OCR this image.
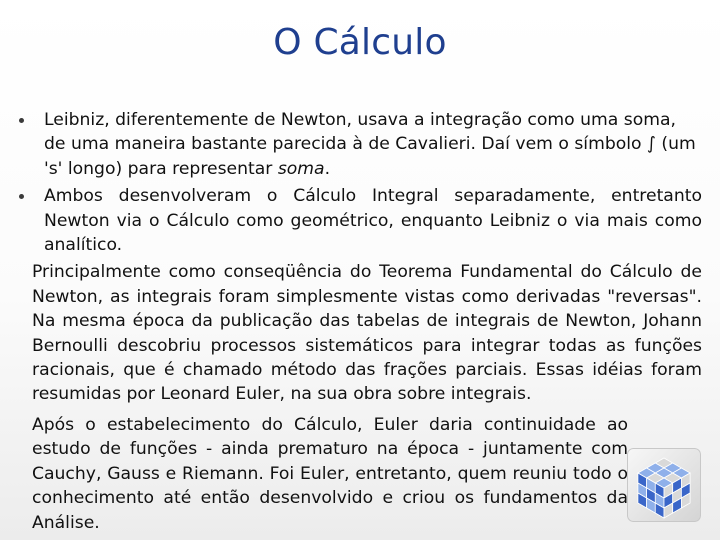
O Cálculo
Leibniz, diferentemente de Newton, usava a integração como uma soma, de uma maneira bastante parecida à de Cavalieri. Daí vem o símbolo ∫ (um 's' longo) para representar soma.
Ambos desenvolveram o Cálculo Integral separadamente, entretanto Newton via o Cálculo como geométrico, enquanto Leibniz o via mais como analítico.

Principalmente como conseqüência do Teorema Fundamental do Cálculo de Newton, as integrais foram simplesmente vistas como derivadas "reversas". Na mesma época da publicação das tabelas de integrais de Newton, Johann Bernoulli descobriu processos sistemáticos para integrar todas as funções racionais, que é chamado método das frações parciais. Essas idéias foram resumidas por Leonard Euler, na sua obra sobre integrais.

Após o estabelecimento do Cálculo, Euler daria continuidade ao estudo de funções - ainda prematuro na época - juntamente com Cauchy, Gauss e Riemann. Foi Euler, entretanto, quem reuniu todo o conhecimento até então desenvolvido e criou os fundamentos da Análise.
